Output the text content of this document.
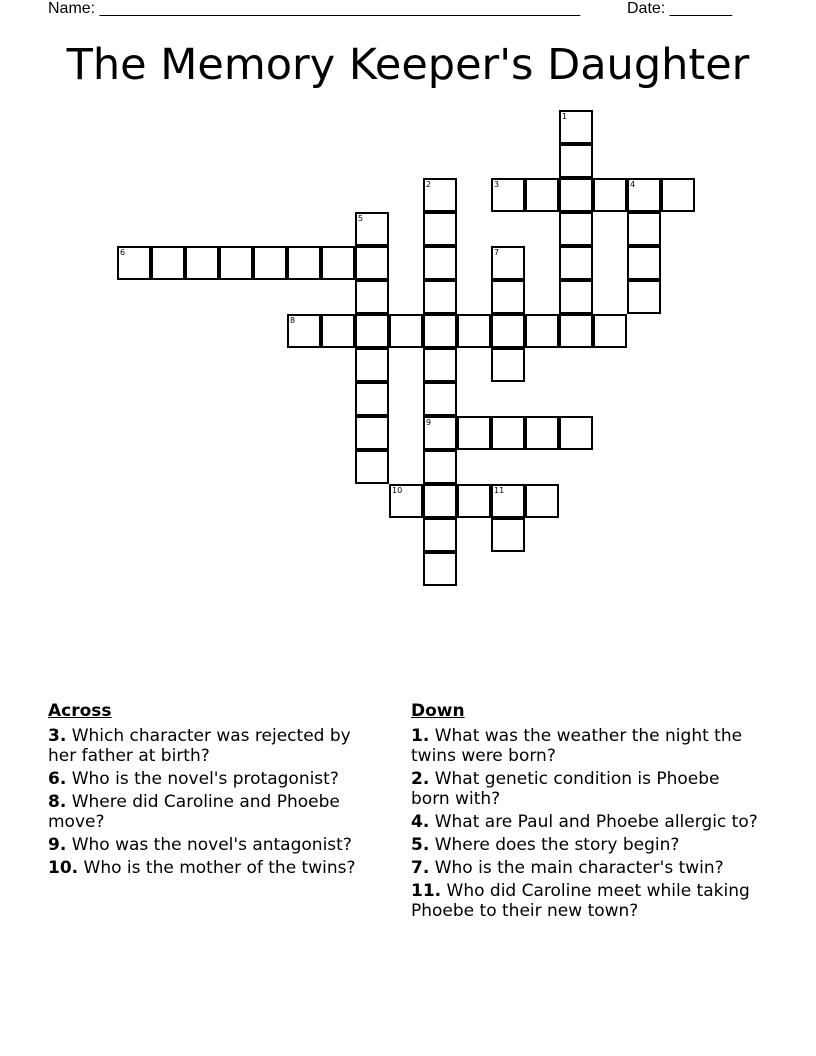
Name: ______________________________________________________	Date: _______
The Memory Keeper's Daughter
1
2
9
3	4
5
6	7
8
10	11
Across
3. Which character was rejected by her father at birth?
6. Who is the novel's protagonist?
8. Where did Caroline and Phoebe move?
9. Who was the novel's antagonist?
10. Who is the mother of the twins?
Down
1. What was the weather the night the twins were born?
2. What genetic condition is Phoebe born with?
4. What are Paul and Phoebe allergic to?
5. Where does the story begin?
7. Who is the main character's twin?
11. Who did Caroline meet while taking Phoebe to their new town?
